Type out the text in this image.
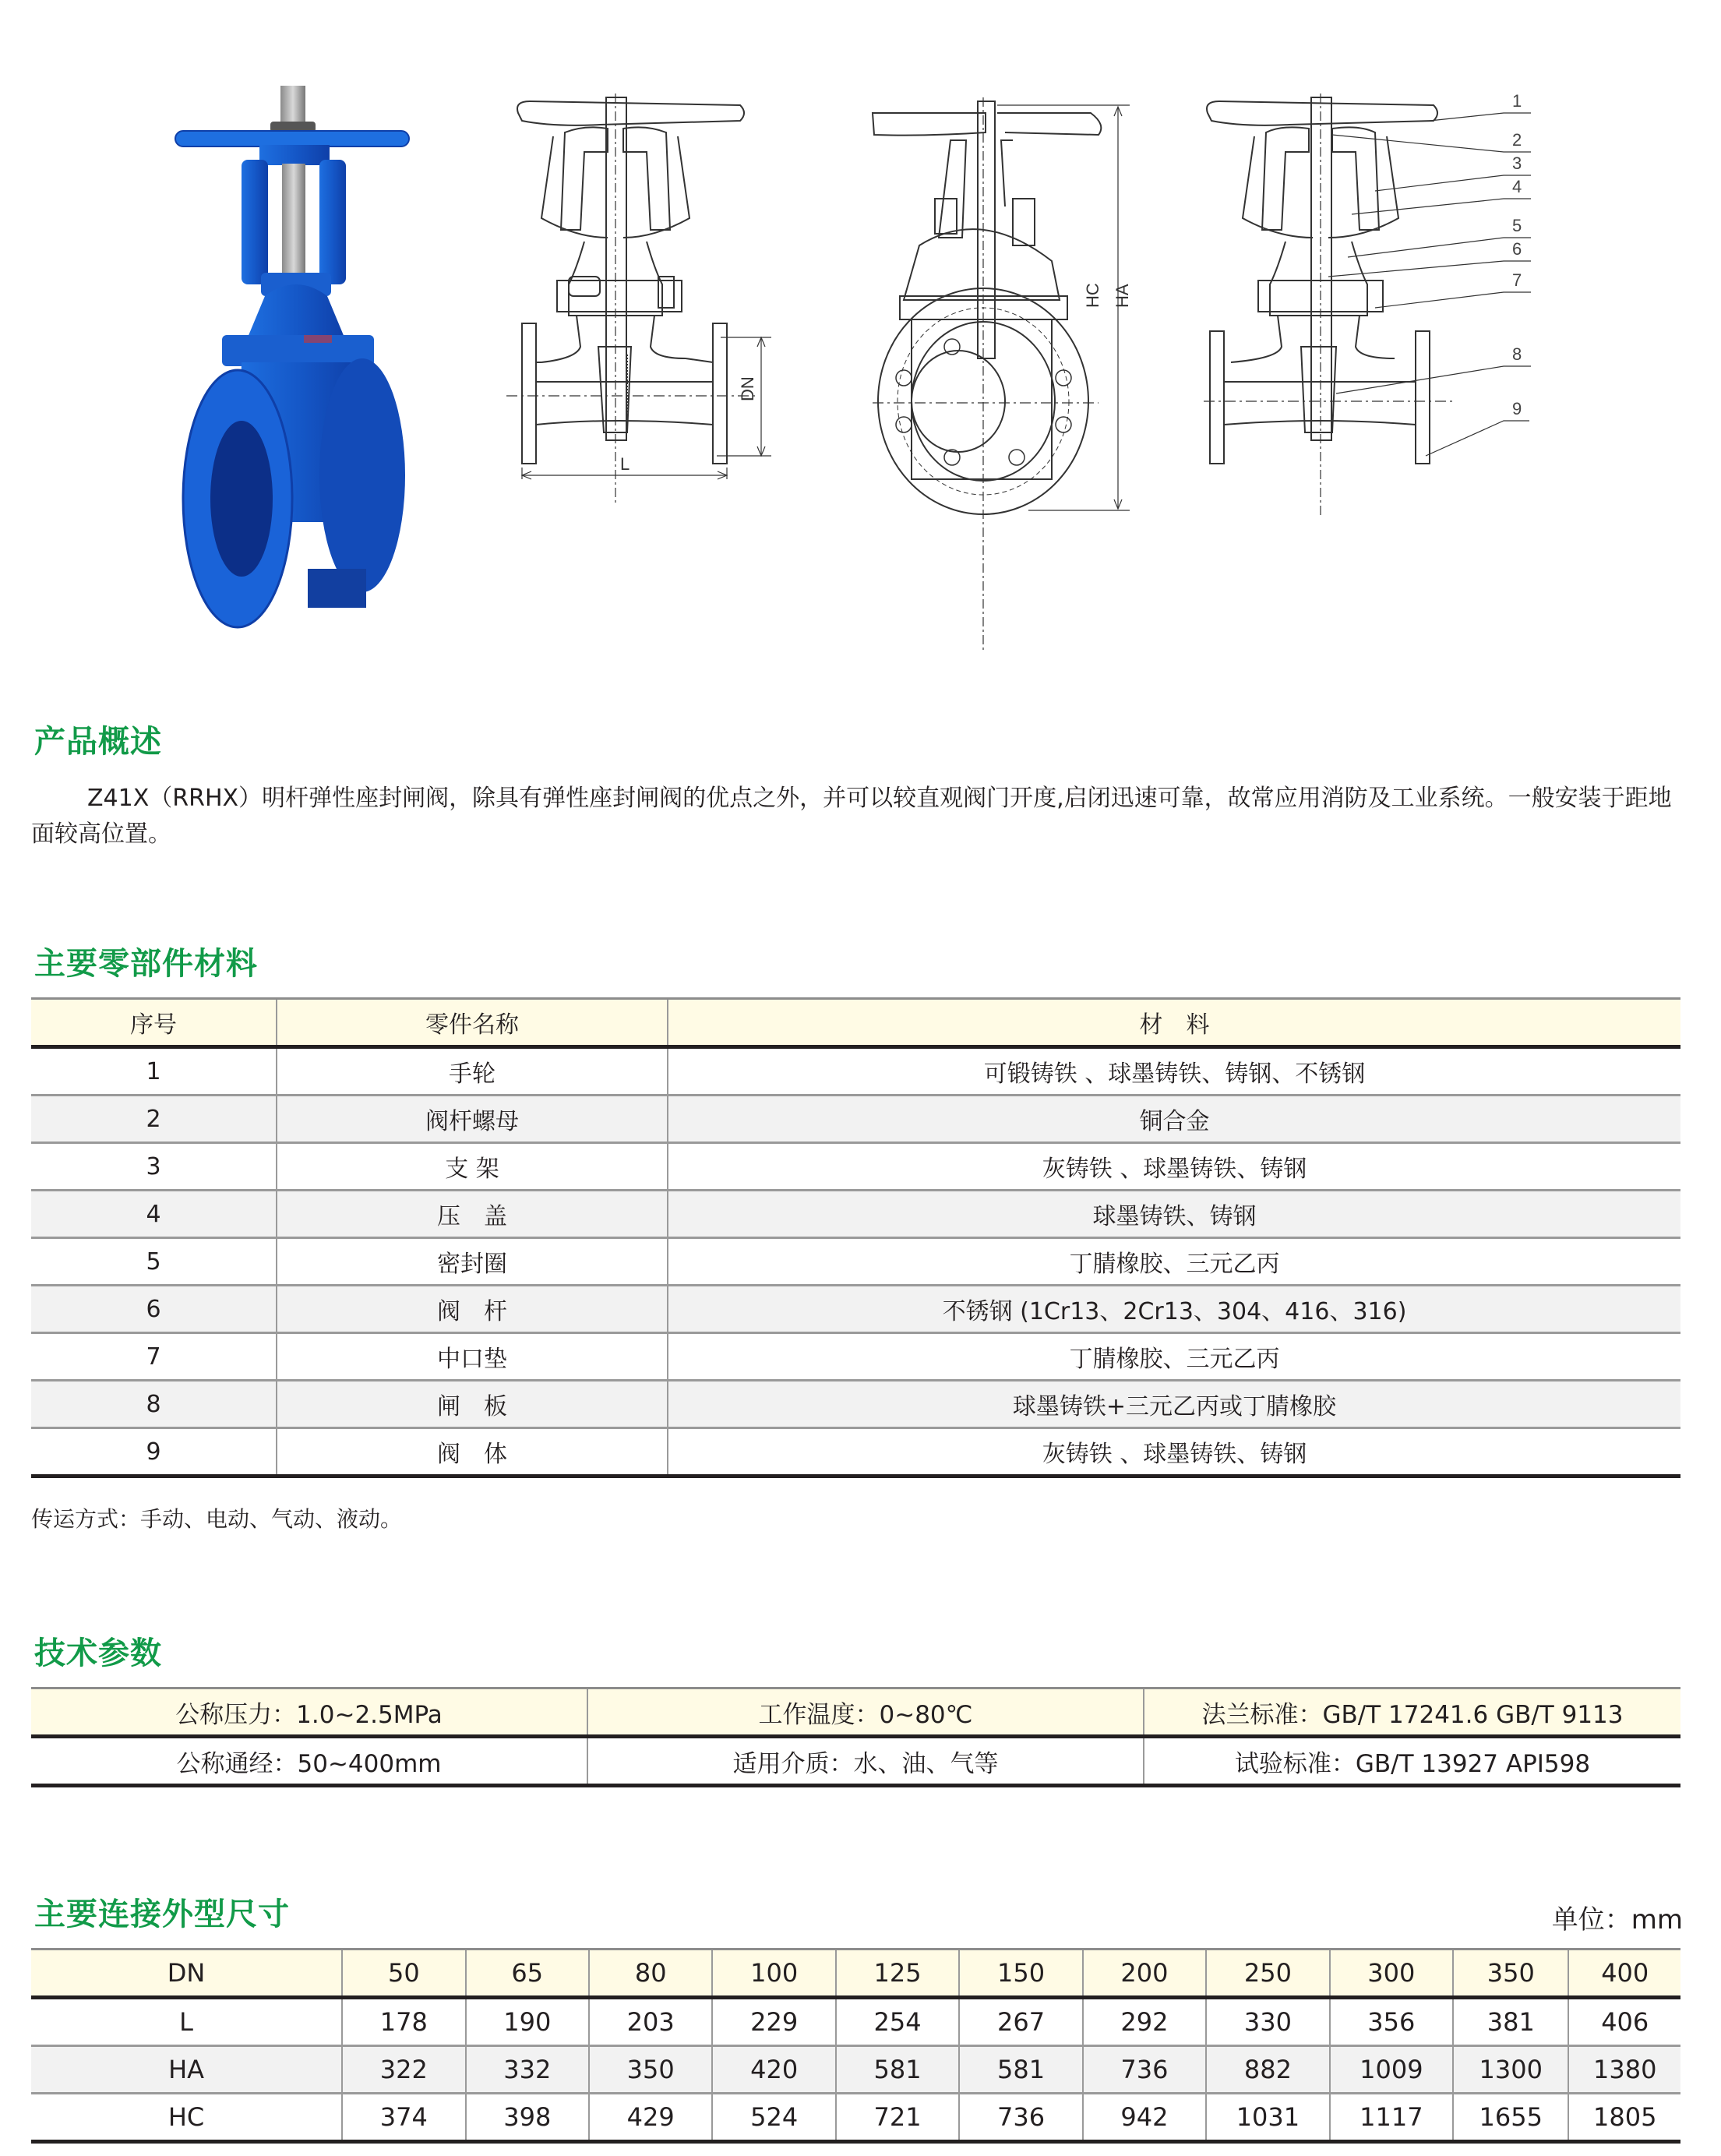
DN
L
HC HA
1
2
3
4
5
6
7
8
9
产品概述
Z41X（RRHX）明杆弹性座封闸阀，除具有弹性座封闸阀的优点之外，并可以较直观阀门开度,启闭迅速可靠，故常应用消防及工业系统。一般安装于距地面较高位置。
主要零部件材料
序号	零件名称	材　料
1	手轮	可锻铸铁 、球墨铸铁、铸钢、不锈钢
2	阀杆螺母	铜合金
3	支 架	灰铸铁 、球墨铸铁、铸钢
4	压　盖	球墨铸铁、铸钢
5	密封圈	丁腈橡胶、三元乙丙
6	阀　杆	不锈钢 (1Cr13、2Cr13、304、416、316)
7	中口垫	丁腈橡胶、三元乙丙
8	闸　板	球墨铸铁+三元乙丙或丁腈橡胶
9	阀　体	灰铸铁 、球墨铸铁、铸钢
传运方式：手动、电动、气动、液动。
技术参数
公称压力：1.0~2.5MPa	工作温度：0~80℃	法兰标准：GB/T 17241.6 GB/T 9113
公称通经：50~400mm	适用介质：水、油、气等	试验标准：GB/T 13927 API598
主要连接外型尺寸	单位：mm
DN	50	65	80	100	125	150	200	250	300	350	400
L	178	190	203	229	254	267	292	330	356	381	406
HA	322	332	350	420	581	581	736	882	1009	1300	1380
HC	374	398	429	524	721	736	942	1031	1117	1655	1805
